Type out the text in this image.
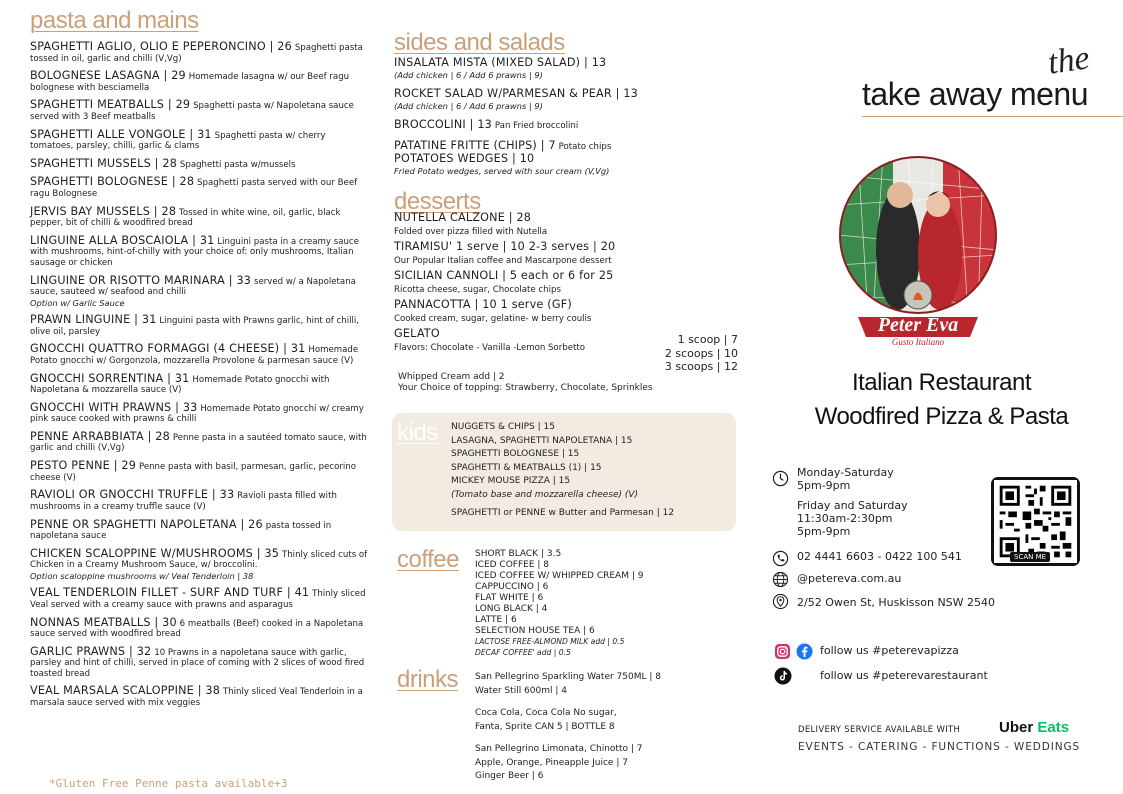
pasta and mains
SPAGHETTI AGLIO, OLIO E PEPERONCINO | 26 Spaghetti pasta tossed in oil, garlic and chilli (V,Vg)
BOLOGNESE LASAGNA | 29 Homemade lasagna w/ our Beef ragu bolognese with besciamella
SPAGHETTI MEATBALLS | 29 Spaghetti pasta w/ Napoletana sauce served with 3 Beef meatballs
SPAGHETTI ALLE VONGOLE | 31 Spaghetti pasta w/ cherry tomatoes, parsley, chilli, garlic & clams
SPAGHETTI MUSSELS | 28 Spaghetti pasta w/mussels
SPAGHETTI BOLOGNESE | 28 Spaghetti pasta served with our Beef ragu Bolognese
JERVIS BAY MUSSELS | 28 Tossed in white wine, oil, garlic, black pepper, bit of chilli & woodfired bread
LINGUINE ALLA BOSCAIOLA | 31 Linguini pasta in a creamy sauce with mushrooms, hint-of-chilly with your choice of: only mushrooms, Italian sausage or chicken
LINGUINE OR RISOTTO MARINARA | 33 served w/ a Napoletana sauce, sauteed w/ seafood and chilli
Option w/ Garlic Sauce
PRAWN LINGUINE | 31 Linguini pasta with Prawns garlic, hint of chilli, olive oil, parsley
GNOCCHI QUATTRO FORMAGGI (4 CHEESE) | 31 Homemade Potato gnocchi w/ Gorgonzola, mozzarella Provolone & parmesan sauce (V)
GNOCCHI SORRENTINA | 31 Homemade Potato gnocchi with Napoletana & mozzarella sauce (V)
GNOCCHI WITH PRAWNS | 33 Homemade Potato gnocchi w/ creamy pink sauce cooked with prawns & chilli
PENNE ARRABBIATA | 28 Penne pasta in a sautéed tomato sauce, with garlic and chilli (V,Vg)
PESTO PENNE | 29 Penne pasta with basil, parmesan, garlic, pecorino cheese (V)
RAVIOLI OR GNOCCHI TRUFFLE | 33 Ravioli pasta filled with mushrooms in a creamy truffle sauce (V)
PENNE OR SPAGHETTI NAPOLETANA | 26 pasta tossed in napoletana sauce
CHICKEN SCALOPPINE W/MUSHROOMS | 35 Thinly sliced cuts of Chicken in a Creamy Mushroom Sauce, w/ broccolini.
Option scaloppine mushrooms w/ Veal Tenderloin | 38
VEAL TENDERLOIN FILLET - SURF AND TURF | 41 Thinly sliced Veal served with a creamy sauce with prawns and asparagus
NONNAS MEATBALLS | 30 6 meatballs (Beef) cooked in a Napoletana sauce served with woodfired bread
GARLIC PRAWNS | 32 10 Prawns in a napoletana sauce with garlic, parsley and hint of chilli, served in place of coming with 2 slices of wood fired toasted bread
VEAL MARSALA SCALOPPINE | 38 Thinly sliced Veal Tenderloin in a marsala sauce served with mix veggies
*Gluten Free Penne pasta available+3
sides and salads
INSALATA MISTA (MIXED SALAD) | 13
(Add chicken | 6 / Add 6 prawns | 9)
ROCKET SALAD W/PARMESAN & PEAR | 13
(Add chicken | 6 / Add 6 prawns | 9)
BROCCOLINI | 13 Pan Fried broccolini
PATATINE FRITTE (CHIPS) | 7 Potato chips
POTATOES WEDGES | 10
Fried Potato wedges, served with sour cream (V,Vg)
desserts
NUTELLA CALZONE | 28
Folded over pizza filled with Nutella
TIRAMISU' 1 serve | 10 2-3 serves | 20
Our Popular Italian coffee and Mascarpone dessert
SICILIAN CANNOLI | 5 each or 6 for 25
Ricotta cheese, sugar, Chocolate chips
PANNACOTTA | 10 1 serve (GF)
Cooked cream, sugar, gelatine- w berry coulis
GELATO
Flavors: Chocolate - Vanilla -Lemon Sorbetto
1 scoop | 7
2 scoops | 10
3 scoops | 12
Whipped Cream add | 2
Your Choice of topping: Strawberry, Chocolate, Sprinkles
kids NUGGETS & CHIPS | 15
LASAGNA, SPAGHETTI NAPOLETANA | 15
SPAGHETTI BOLOGNESE | 15
SPAGHETTI & MEATBALLS (1) | 15
MICKEY MOUSE PIZZA | 15
(Tomato base and mozzarella cheese) (V)
SPAGHETTI or PENNE w Butter and Parmesan | 12
coffee SHORT BLACK | 3.5
ICED COFFEE | 8
ICED COFFEE W/ WHIPPED CREAM | 9
CAPPUCCINO | 6
FLAT WHITE | 6
LONG BLACK | 4
LATTE | 6
SELECTION HOUSE TEA | 6
LACTOSE FREE-ALMOND MILK add | 0.5
DECAF COFFEE' add | 0.5
drinks San Pellegrino Sparkling Water 750ML | 8
Water Still 600ml | 4
Coca Cola, Coca Cola No sugar,
Fanta, Sprite CAN 5 | BOTTLE 8
San Pellegrino Limonata, Chinotto | 7
Apple, Orange, Pineapple Juice | 7
Ginger Beer | 6
the
take away menu
Peter Eva
Gusto Italiano
Italian Restaurant
Woodfired Pizza & Pasta
Monday-Saturday
5pm-9pm
Friday and Saturday
11:30am-2:30pm
5pm-9pm
SCAN ME
02 4441 6603 - 0422 100 541
@petereva.com.au
2/52 Owen St, Huskisson NSW 2540
follow us #peterevapizza
follow us #peterevarestaurant
DELIVERY SERVICE AVAILABLE WITH	Uber Eats
EVENTS - CATERING - FUNCTIONS - WEDDINGS
